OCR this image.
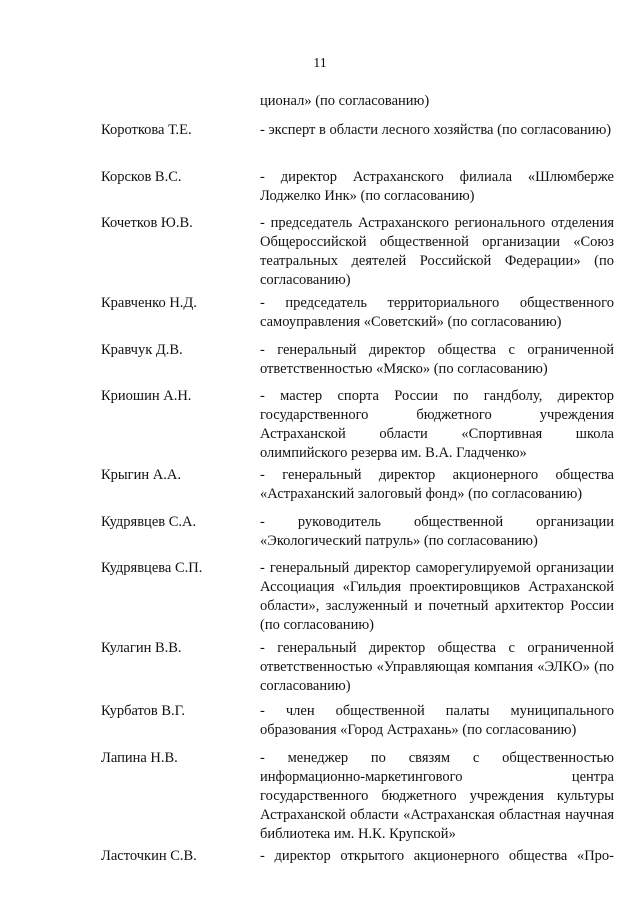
11
ционал» (по согласованию)
Короткова Т.Е.	- эксперт в области лесного хозяйства (по согласованию)
Корсков В.С.	- директор Астраханского филиала «Шлюмберже Лоджелко Инк» (по согласованию)
Кочетков Ю.В.	- председатель Астраханского регионального отделения Общероссийской общественной организации «Союз театральных деятелей Российской Федерации» (по согласованию)
Кравченко Н.Д.	- председатель территориального общественного самоуправления «Советский» (по согласованию)
Кравчук Д.В.	- генеральный директор общества с ограниченной ответственностью «Мяско» (по согласованию)
Криошин А.Н.	- мастер спорта России по гандболу, директор государственного бюджетного учреждения Астраханской области «Спортивная школа олимпийского резерва им. В.А. Гладченко»
Крыгин А.А.	- генеральный директор акционерного общества «Астраханский залоговый фонд» (по согласованию)
Кудрявцев С.А.	- руководитель общественной организации «Экологический патруль» (по согласованию)
Кудрявцева С.П.	- генеральный директор саморегулируемой организации Ассоциация «Гильдия проектировщиков Астраханской области», заслуженный и почетный архитектор России (по согласованию)
Кулагин В.В.	- генеральный директор общества с ограниченной ответственностью «Управляющая компания «ЭЛКО» (по согласованию)
Курбатов В.Г.	- член общественной палаты муниципального образования «Город Астрахань» (по согласованию)
Лапина Н.В.	- менеджер по связям с общественностью информационно-маркетингового центра государственного бюджетного учреждения культуры Астраханской области «Астраханская областная научная библиотека им. Н.К. Крупской»
Ласточкин С.В.	- директор открытого акционерного общества «Про-
